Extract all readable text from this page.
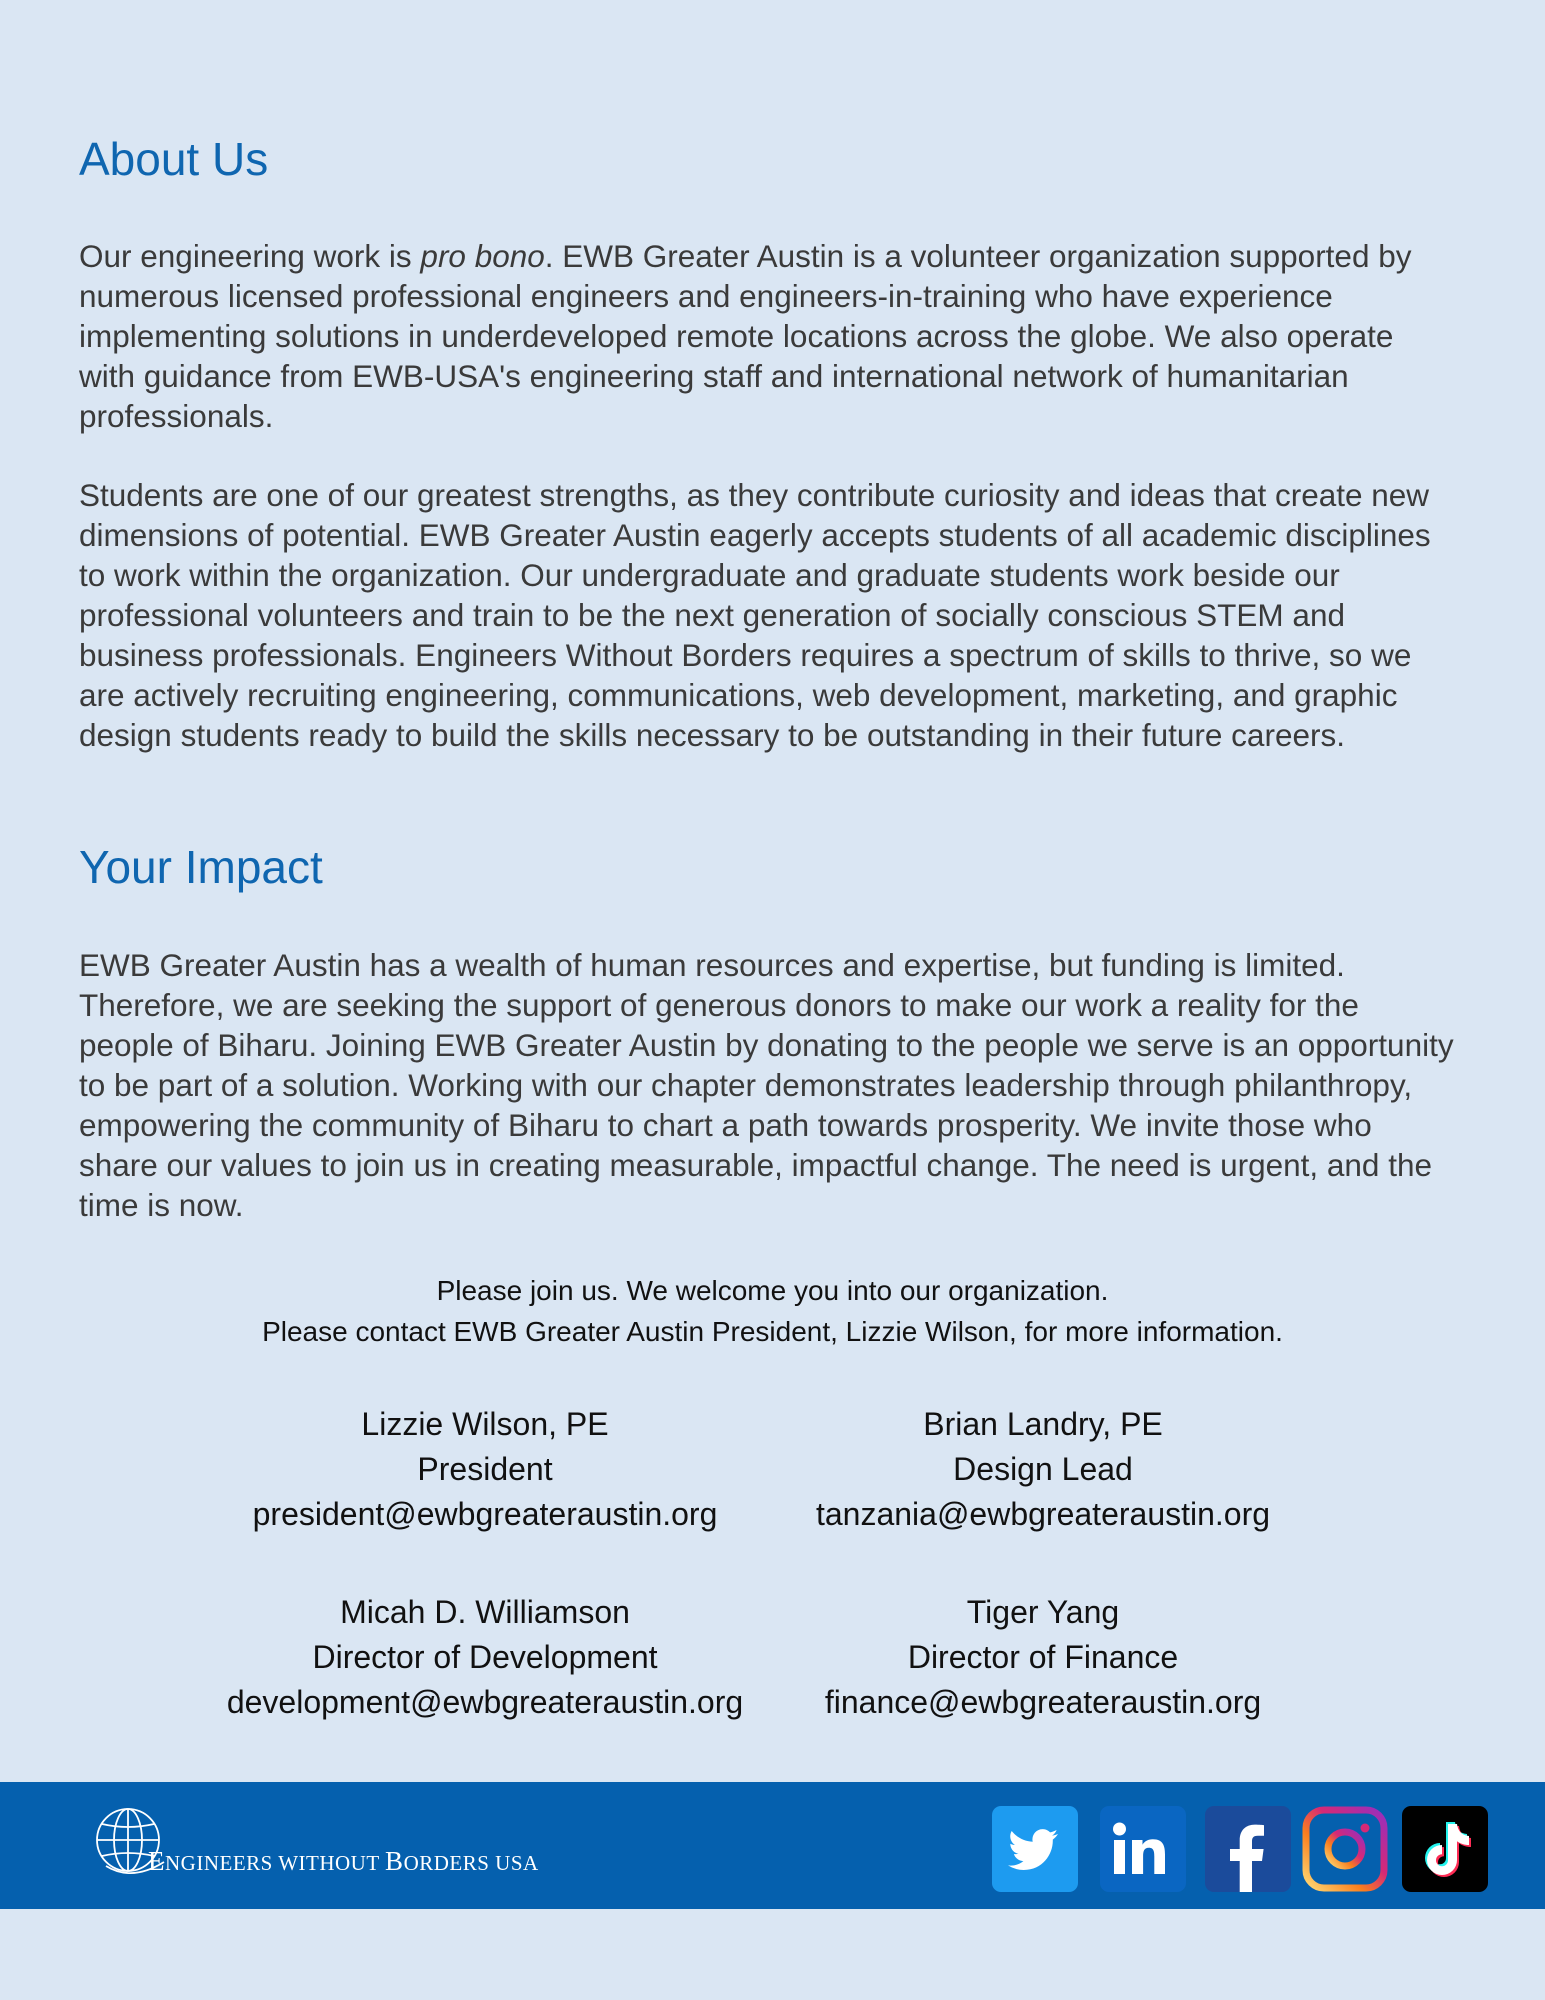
About Us

Our engineering work is pro bono. EWB Greater Austin is a volunteer organization supported by numerous licensed professional engineers and engineers-in-training who have experience implementing solutions in underdeveloped remote locations across the globe. We also operate with guidance from EWB-USA's engineering staff and international network of humanitarian professionals.

Students are one of our greatest strengths, as they contribute curiosity and ideas that create new dimensions of potential. EWB Greater Austin eagerly accepts students of all academic disciplines to work within the organization. Our undergraduate and graduate students work beside our professional volunteers and train to be the next generation of socially conscious STEM and business professionals. Engineers Without Borders requires a spectrum of skills to thrive, so we are actively recruiting engineering, communications, web development, marketing, and graphic design students ready to build the skills necessary to be outstanding in their future careers.

Your Impact

EWB Greater Austin has a wealth of human resources and expertise, but funding is limited. Therefore, we are seeking the support of generous donors to make our work a reality for the people of Biharu. Joining EWB Greater Austin by donating to the people we serve is an opportunity to be part of a solution. Working with our chapter demonstrates leadership through philanthropy, empowering the community of Biharu to chart a path towards prosperity. We invite those who share our values to join us in creating measurable, impactful change. The need is urgent, and the time is now.

Please join us. We welcome you into our organization.
Please contact EWB Greater Austin President, Lizzie Wilson, for more information.
Lizzie Wilson, PE
President
president@ewbgreateraustin.org
Brian Landry, PE
Design Lead
tanzania@ewbgreateraustin.org
Micah D. Williamson
Director of Development
development@ewbgreateraustin.org
Tiger Yang
Director of Finance
finance@ewbgreateraustin.org
ENGINEERS WITHOUT BORDERS USA
